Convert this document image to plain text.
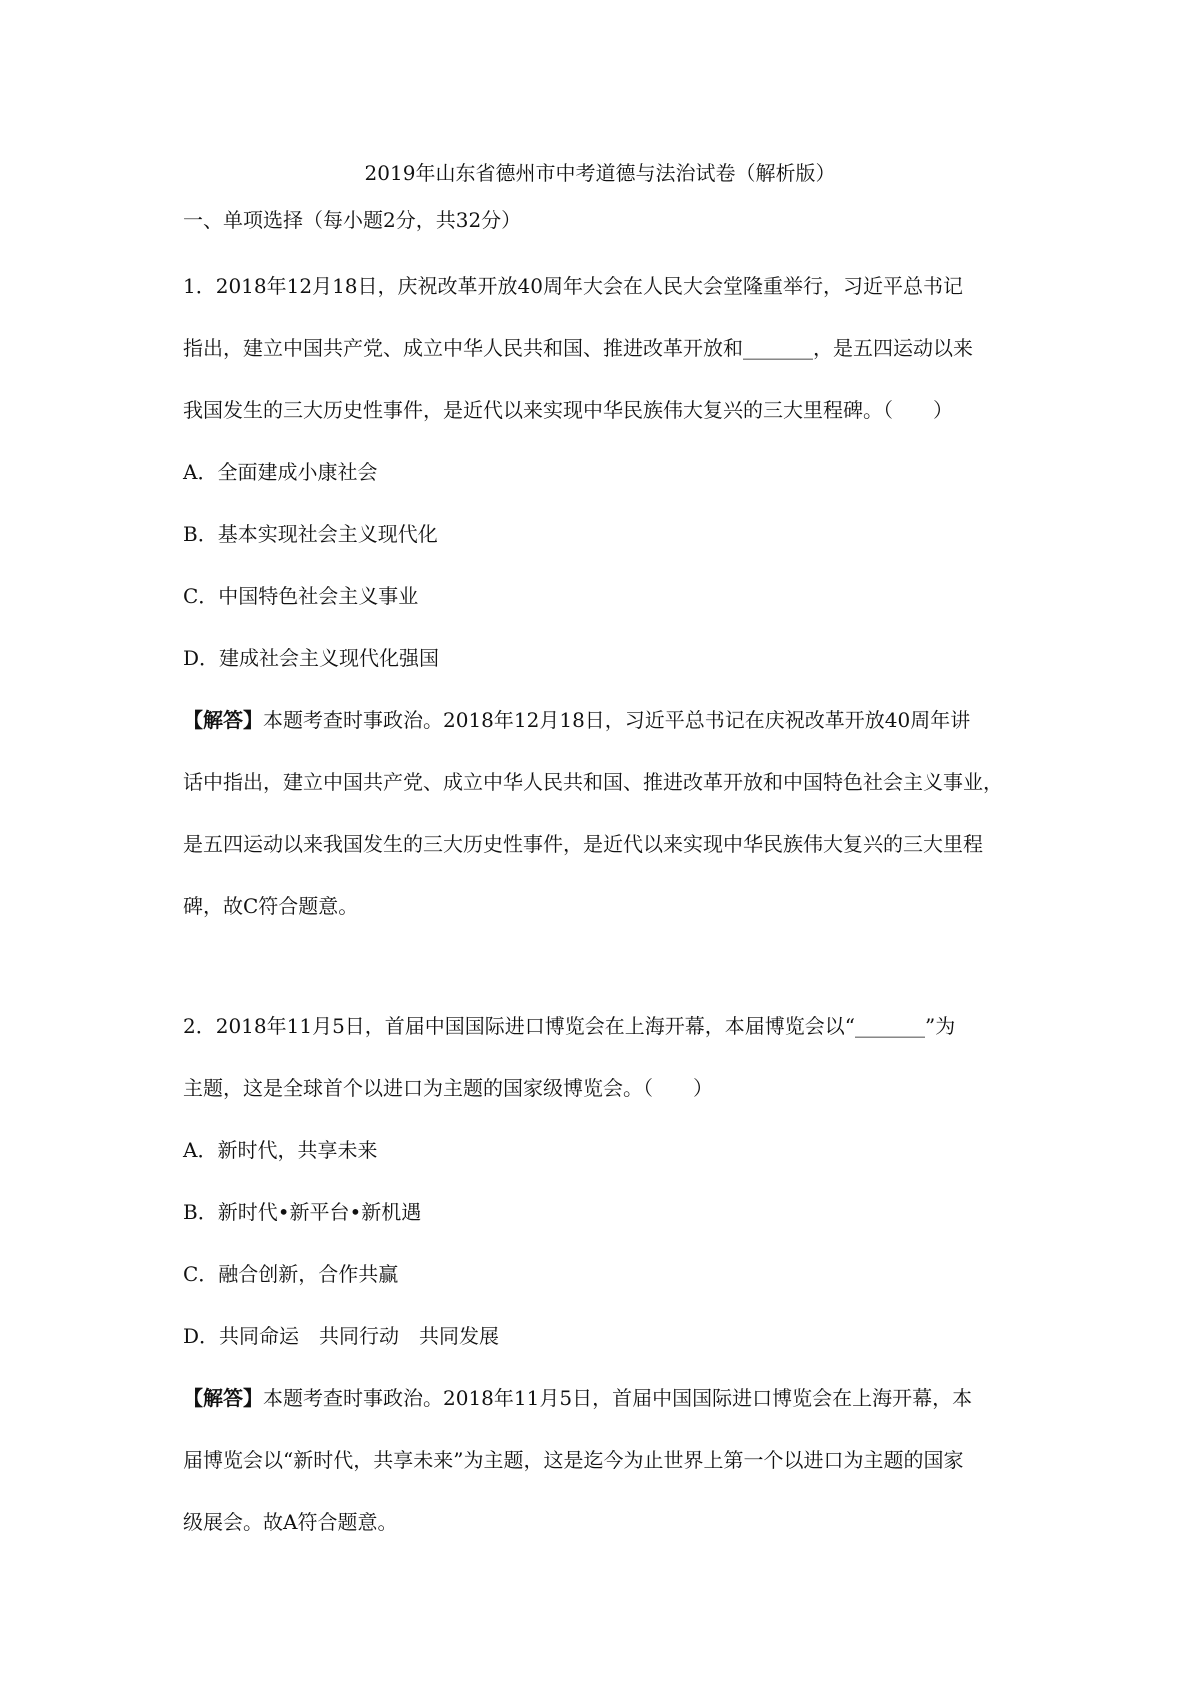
2019年山东省德州市中考道德与法治试卷（解析版）
一、单项选择（每小题2分，共32分）
1．2018年12月18日，庆祝改革开放40周年大会在人民大会堂隆重举行，习近平总书记
指出，建立中国共产党、成立中华人民共和国、推进改革开放和_______，是五四运动以来
我国发生的三大历史性事件，是近代以来实现中华民族伟大复兴的三大里程碑。（　　）
A．全面建成小康社会
B．基本实现社会主义现代化
C．中国特色社会主义事业
D．建成社会主义现代化强国
【解答】本题考查时事政治。2018年12月18日，习近平总书记在庆祝改革开放40周年讲
话中指出，建立中国共产党、成立中华人民共和国、推进改革开放和中国特色社会主义事业，
是五四运动以来我国发生的三大历史性事件，是近代以来实现中华民族伟大复兴的三大里程
碑，故C符合题意。
2．2018年11月5日，首届中国国际进口博览会在上海开幕，本届博览会以“_______”为
主题，这是全球首个以进口为主题的国家级博览会。（　　）
A．新时代，共享未来
B．新时代•新平台•新机遇
C．融合创新，合作共赢
D．共同命运　共同行动　共同发展
【解答】本题考查时事政治。2018年11月5日，首届中国国际进口博览会在上海开幕，本
届博览会以“新时代，共享未来”为主题，这是迄今为止世界上第一个以进口为主题的国家
级展会。故A符合题意。
